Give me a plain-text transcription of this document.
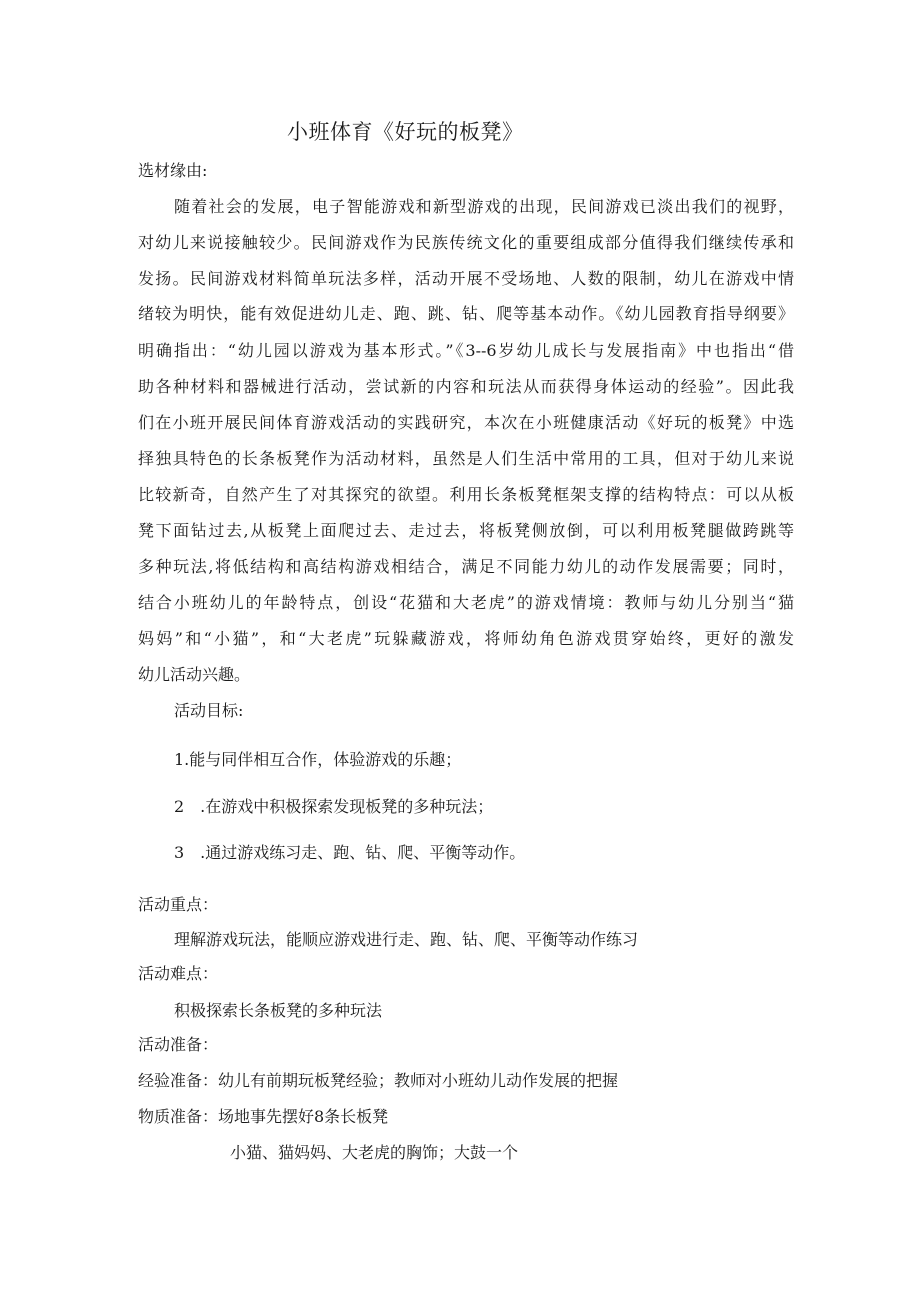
小班体育《好玩的板凳》
选材缘由:
随着社会的发展，电子智能游戏和新型游戏的出现，民间游戏已淡出我们的视野，
对幼儿来说接触较少。民间游戏作为民族传统文化的重要组成部分值得我们继续传承和
发扬。民间游戏材料简单玩法多样，活动开展不受场地、人数的限制，幼儿在游戏中情
绪较为明快，能有效促进幼儿走、跑、跳、钻、爬等基本动作。《幼儿园教育指导纲要》
明确指出：“幼儿园以游戏为基本形式。”《3--6岁幼儿成长与发展指南》中也指出“借
助各种材料和器械进行活动，尝试新的内容和玩法从而获得身体运动的经验”。因此我
们在小班开展民间体育游戏活动的实践研究，本次在小班健康活动《好玩的板凳》中选
择独具特色的长条板凳作为活动材料，虽然是人们生活中常用的工具，但对于幼儿来说
比较新奇，自然产生了对其探究的欲望。利用长条板凳框架支撑的结构特点：可以从板
凳下面钻过去,从板凳上面爬过去、走过去，将板凳侧放倒，可以利用板凳腿做跨跳等
多种玩法,将低结构和高结构游戏相结合，满足不同能力幼儿的动作发展需要；同时，
结合小班幼儿的年龄特点，创设“花猫和大老虎”的游戏情境：教师与幼儿分别当“猫
妈妈”和“小猫”，和“大老虎”玩躲藏游戏，将师幼角色游戏贯穿始终，更好的激发
幼儿活动兴趣。
活动目标:
1.能与同伴相互合作，体验游戏的乐趣；
2　.在游戏中积极探索发现板凳的多种玩法；
3　.通过游戏练习走、跑、钻、爬、平衡等动作。
活动重点：
理解游戏玩法，能顺应游戏进行走、跑、钻、爬、平衡等动作练习
活动难点：
积极探索长条板凳的多种玩法
活动准备：
经验准备：幼儿有前期玩板凳经验；教师对小班幼儿动作发展的把握
物质准备：场地事先摆好8条长板凳
小猫、猫妈妈、大老虎的胸饰；大鼓一个
